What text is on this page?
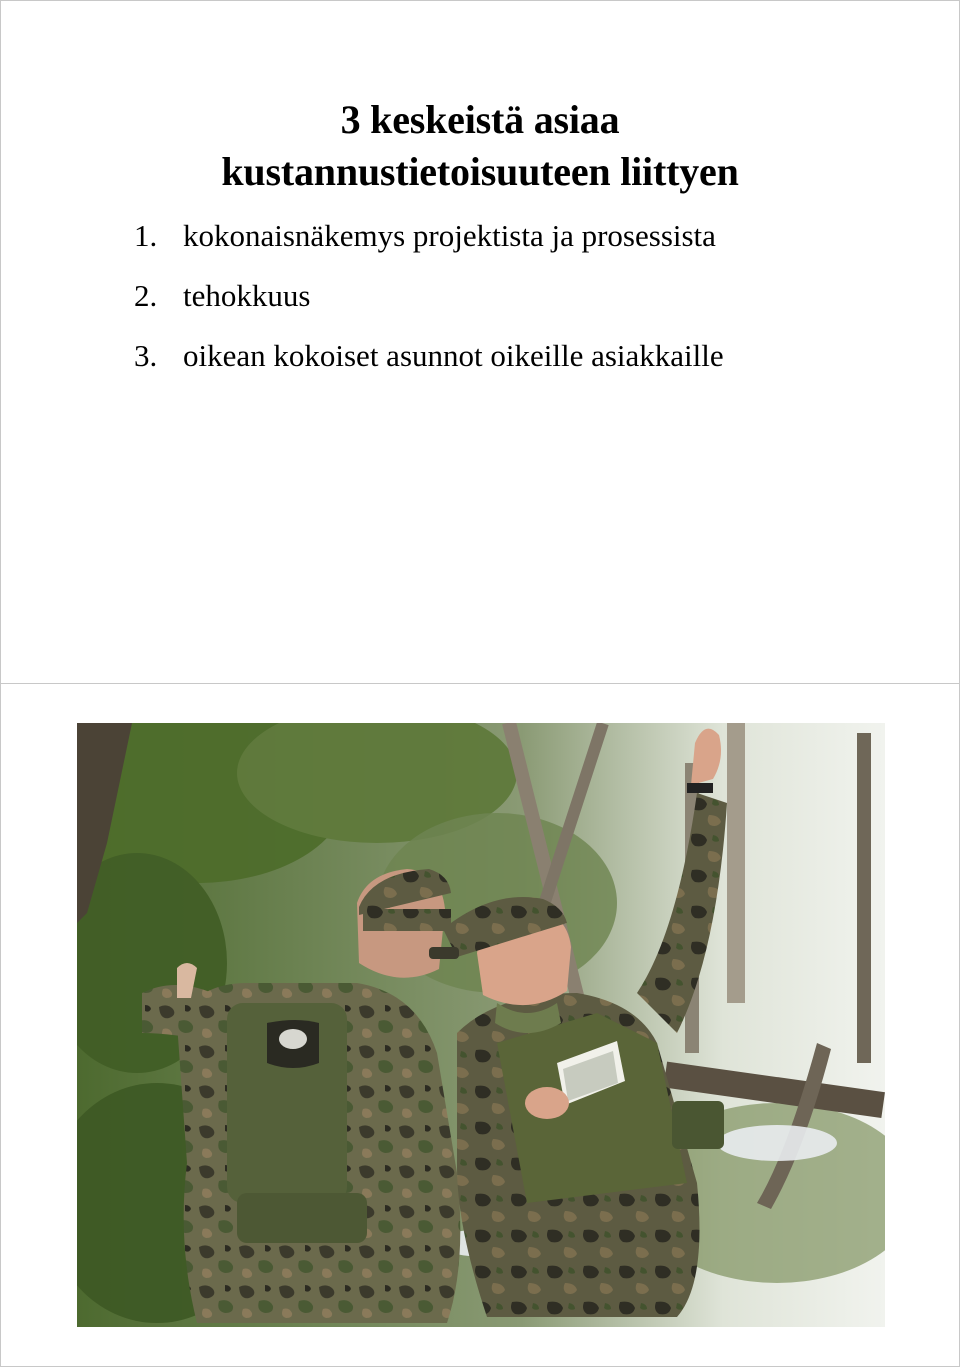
3 keskeistä asiaa
kustannustietoisuuteen liittyen
1. kokonaisnäkemys projektista ja prosessista
2. tehokkuus
3. oikean kokoiset asunnot oikeille asiakkaille
